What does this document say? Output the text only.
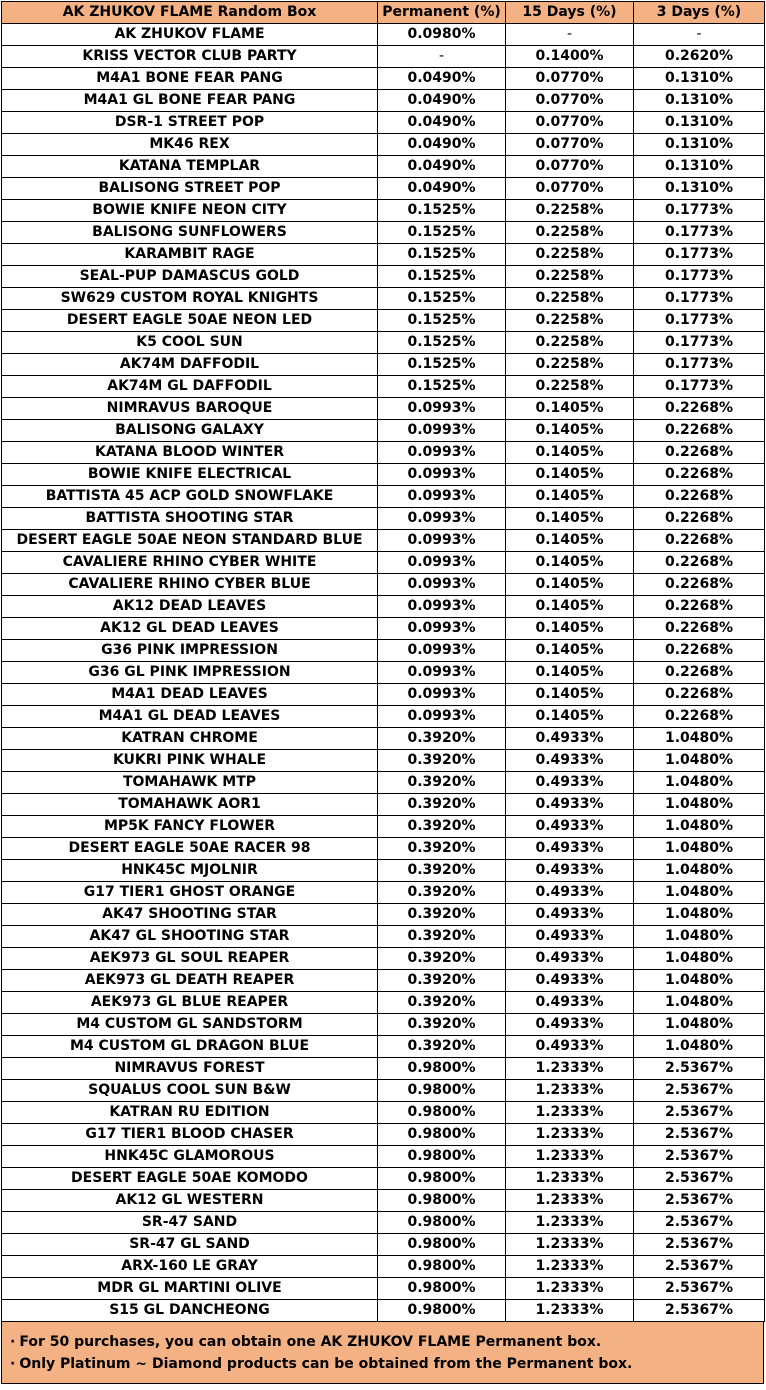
AK ZHUKOV FLAME Random Box	Permanent (%)	15 Days (%)	3 Days (%)
AK ZHUKOV FLAME	0.0980%	-	-
KRISS VECTOR CLUB PARTY	-	0.1400%	0.2620%
M4A1 BONE FEAR PANG	0.0490%	0.0770%	0.1310%
M4A1 GL BONE FEAR PANG	0.0490%	0.0770%	0.1310%
DSR-1 STREET POP	0.0490%	0.0770%	0.1310%
MK46 REX	0.0490%	0.0770%	0.1310%
KATANA TEMPLAR	0.0490%	0.0770%	0.1310%
BALISONG STREET POP	0.0490%	0.0770%	0.1310%
BOWIE KNIFE NEON CITY	0.1525%	0.2258%	0.1773%
BALISONG SUNFLOWERS	0.1525%	0.2258%	0.1773%
KARAMBIT RAGE	0.1525%	0.2258%	0.1773%
SEAL-PUP DAMASCUS GOLD	0.1525%	0.2258%	0.1773%
SW629 CUSTOM ROYAL KNIGHTS	0.1525%	0.2258%	0.1773%
DESERT EAGLE 50AE NEON LED	0.1525%	0.2258%	0.1773%
K5 COOL SUN	0.1525%	0.2258%	0.1773%
AK74M DAFFODIL	0.1525%	0.2258%	0.1773%
AK74M GL DAFFODIL	0.1525%	0.2258%	0.1773%
NIMRAVUS BAROQUE	0.0993%	0.1405%	0.2268%
BALISONG GALAXY	0.0993%	0.1405%	0.2268%
KATANA BLOOD WINTER	0.0993%	0.1405%	0.2268%
BOWIE KNIFE ELECTRICAL	0.0993%	0.1405%	0.2268%
BATTISTA 45 ACP GOLD SNOWFLAKE	0.0993%	0.1405%	0.2268%
BATTISTA SHOOTING STAR	0.0993%	0.1405%	0.2268%
DESERT EAGLE 50AE NEON STANDARD BLUE	0.0993%	0.1405%	0.2268%
CAVALIERE RHINO CYBER WHITE	0.0993%	0.1405%	0.2268%
CAVALIERE RHINO CYBER BLUE	0.0993%	0.1405%	0.2268%
AK12 DEAD LEAVES	0.0993%	0.1405%	0.2268%
AK12 GL DEAD LEAVES	0.0993%	0.1405%	0.2268%
G36 PINK IMPRESSION	0.0993%	0.1405%	0.2268%
G36 GL PINK IMPRESSION	0.0993%	0.1405%	0.2268%
M4A1 DEAD LEAVES	0.0993%	0.1405%	0.2268%
M4A1 GL DEAD LEAVES	0.0993%	0.1405%	0.2268%
KATRAN CHROME	0.3920%	0.4933%	1.0480%
KUKRI PINK WHALE	0.3920%	0.4933%	1.0480%
TOMAHAWK MTP	0.3920%	0.4933%	1.0480%
TOMAHAWK AOR1	0.3920%	0.4933%	1.0480%
MP5K FANCY FLOWER	0.3920%	0.4933%	1.0480%
DESERT EAGLE 50AE RACER 98	0.3920%	0.4933%	1.0480%
HNK45C MJOLNIR	0.3920%	0.4933%	1.0480%
G17 TIER1 GHOST ORANGE	0.3920%	0.4933%	1.0480%
AK47 SHOOTING STAR	0.3920%	0.4933%	1.0480%
AK47 GL SHOOTING STAR	0.3920%	0.4933%	1.0480%
AEK973 GL SOUL REAPER	0.3920%	0.4933%	1.0480%
AEK973 GL DEATH REAPER	0.3920%	0.4933%	1.0480%
AEK973 GL BLUE REAPER	0.3920%	0.4933%	1.0480%
M4 CUSTOM GL SANDSTORM	0.3920%	0.4933%	1.0480%
M4 CUSTOM GL DRAGON BLUE	0.3920%	0.4933%	1.0480%
NIMRAVUS FOREST	0.9800%	1.2333%	2.5367%
SQUALUS COOL SUN B&W	0.9800%	1.2333%	2.5367%
KATRAN RU EDITION	0.9800%	1.2333%	2.5367%
G17 TIER1 BLOOD CHASER	0.9800%	1.2333%	2.5367%
HNK45C GLAMOROUS	0.9800%	1.2333%	2.5367%
DESERT EAGLE 50AE KOMODO	0.9800%	1.2333%	2.5367%
AK12 GL WESTERN	0.9800%	1.2333%	2.5367%
SR-47 SAND	0.9800%	1.2333%	2.5367%
SR-47 GL SAND	0.9800%	1.2333%	2.5367%
ARX-160 LE GRAY	0.9800%	1.2333%	2.5367%
MDR GL MARTINI OLIVE	0.9800%	1.2333%	2.5367%
S15 GL DANCHEONG	0.9800%	1.2333%	2.5367%
· For 50 purchases, you can obtain one AK ZHUKOV FLAME Permanent box.
· Only Platinum ~ Diamond products can be obtained from the Permanent box.
